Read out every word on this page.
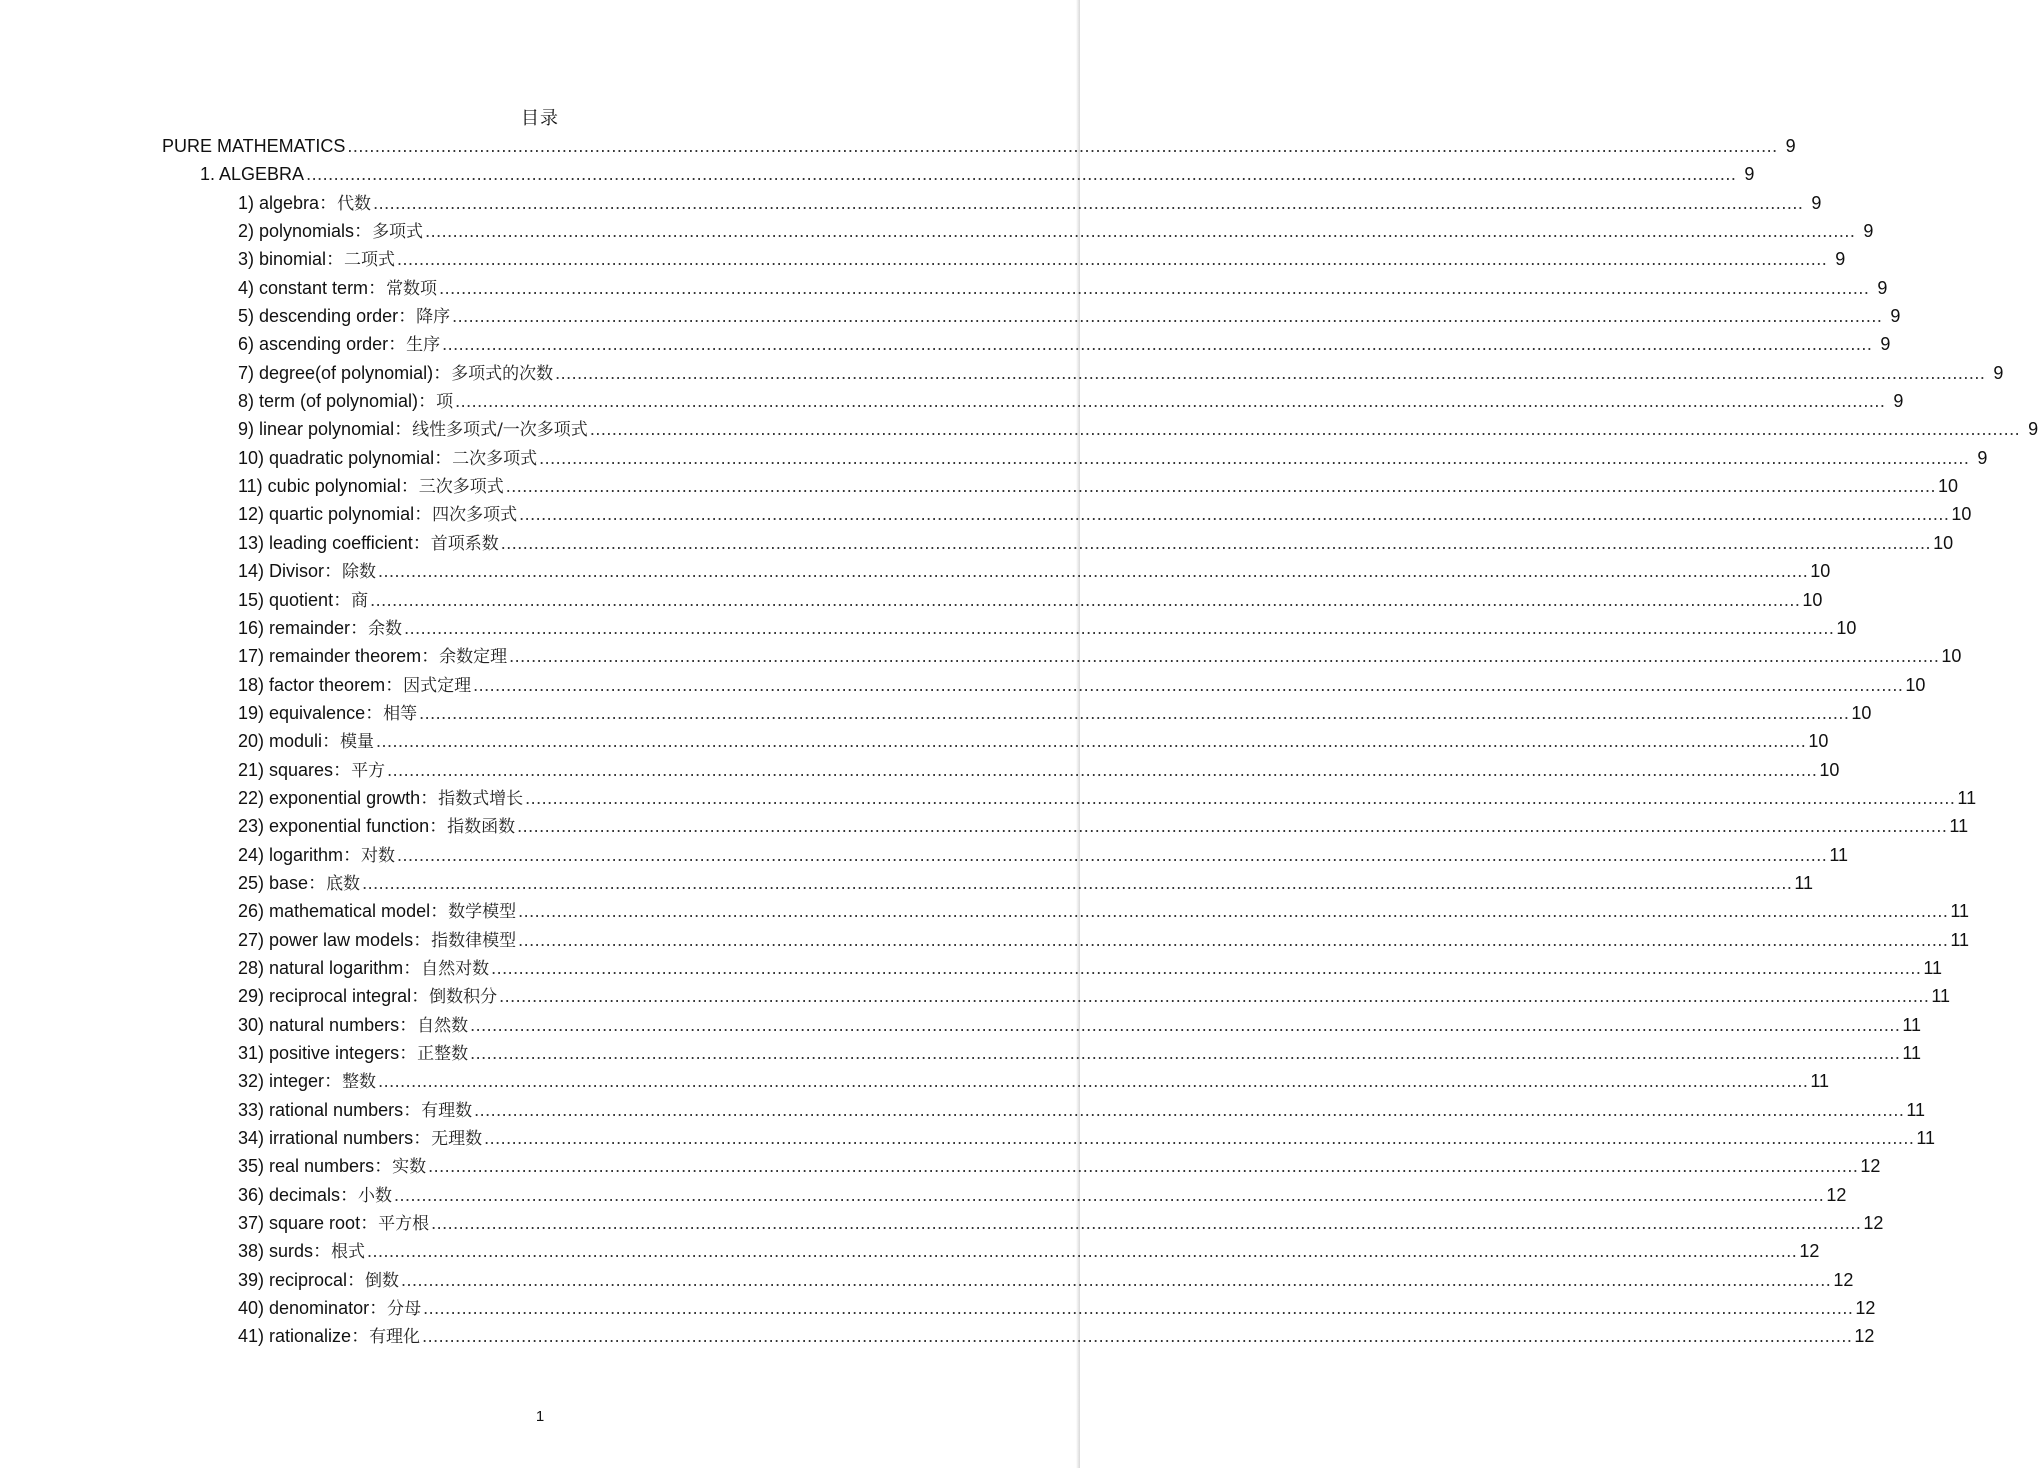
目录
PURE MATHEMATICS .................................................................................................................................................................................................................................................................... 9
1. ALGEBRA .................................................................................................................................................................................................................................................................... 9
1) algebra：代数 .................................................................................................................................................................................................................................................................... 9
2) polynomials：多项式 .................................................................................................................................................................................................................................................................... 9
3) binomial：二项式 .................................................................................................................................................................................................................................................................... 9
4) constant term：常数项 .................................................................................................................................................................................................................................................................... 9
5) descending order：降序 .................................................................................................................................................................................................................................................................... 9
6) ascending order：生序 .................................................................................................................................................................................................................................................................... 9
7) degree(of polynomial)：多项式的次数 .................................................................................................................................................................................................................................................................... 9
8) term (of polynomial)：项 .................................................................................................................................................................................................................................................................... 9
9) linear polynomial：线性多项式/一次多项式 .................................................................................................................................................................................................................................................................... 9
10) quadratic polynomial：二次多项式 .................................................................................................................................................................................................................................................................... 9
11) cubic polynomial：三次多项式 .................................................................................................................................................................................................................................................................... 10
12) quartic polynomial：四次多项式 .................................................................................................................................................................................................................................................................... 10
13) leading coefficient：首项系数 .................................................................................................................................................................................................................................................................... 10
14) Divisor：除数 .................................................................................................................................................................................................................................................................... 10
15) quotient：商 .................................................................................................................................................................................................................................................................... 10
16) remainder：余数 .................................................................................................................................................................................................................................................................... 10
17) remainder theorem：余数定理 .................................................................................................................................................................................................................................................................... 10
18) factor theorem：因式定理 .................................................................................................................................................................................................................................................................... 10
19) equivalence：相等 .................................................................................................................................................................................................................................................................... 10
20) moduli：模量 .................................................................................................................................................................................................................................................................... 10
21) squares：平方 .................................................................................................................................................................................................................................................................... 10
22) exponential growth：指数式增长 .................................................................................................................................................................................................................................................................... 11
23) exponential function：指数函数 .................................................................................................................................................................................................................................................................... 11
24) logarithm：对数 .................................................................................................................................................................................................................................................................... 11
25) base：底数 .................................................................................................................................................................................................................................................................... 11
26) mathematical model：数学模型 .................................................................................................................................................................................................................................................................... 11
27) power law models：指数律模型 .................................................................................................................................................................................................................................................................... 11
28) natural logarithm：自然对数 .................................................................................................................................................................................................................................................................... 11
29) reciprocal integral：倒数积分 .................................................................................................................................................................................................................................................................... 11
30) natural numbers：自然数 .................................................................................................................................................................................................................................................................... 11
31) positive integers：正整数 .................................................................................................................................................................................................................................................................... 11
32) integer：整数 .................................................................................................................................................................................................................................................................... 11
33) rational numbers：有理数 .................................................................................................................................................................................................................................................................... 11
34) irrational numbers：无理数 .................................................................................................................................................................................................................................................................... 11
35) real numbers：实数 .................................................................................................................................................................................................................................................................... 12
36) decimals：小数 .................................................................................................................................................................................................................................................................... 12
37) square root：平方根 .................................................................................................................................................................................................................................................................... 12
38) surds：根式 .................................................................................................................................................................................................................................................................... 12
39) reciprocal：倒数 .................................................................................................................................................................................................................................................................... 12
40) denominator：分母 .................................................................................................................................................................................................................................................................... 12
41) rationalize：有理化 .................................................................................................................................................................................................................................................................... 12
1
